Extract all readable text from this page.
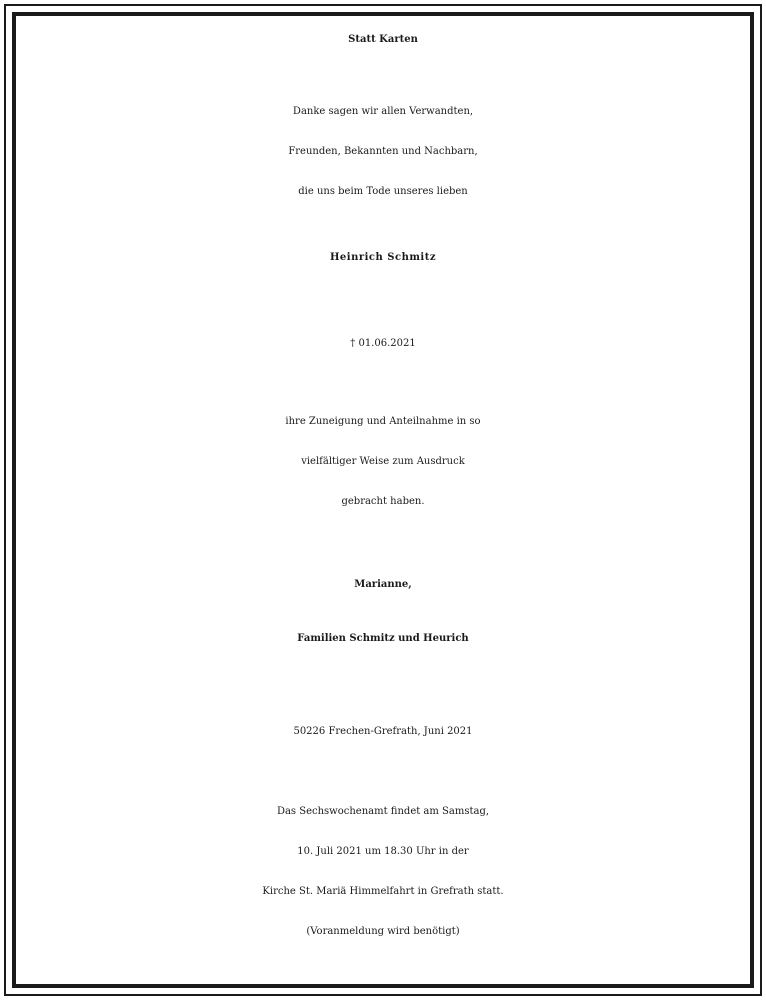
Statt Karten
Danke sagen wir allen Verwandten,
Freunden, Bekannten und Nachbarn,
die uns beim Tode unseres lieben
Heinrich Schmitz
† 01.06.2021
ihre Zuneigung und Anteilnahme in so
vielfältiger Weise zum Ausdruck
gebracht haben.
Marianne,
Familien Schmitz und Heurich
50226 Frechen-Grefrath, Juni 2021
Das Sechswochenamt findet am Samstag,
10. Juli 2021 um 18.30 Uhr in der
Kirche St. Mariä Himmelfahrt in Grefrath statt.
(Voranmeldung wird benötigt)
